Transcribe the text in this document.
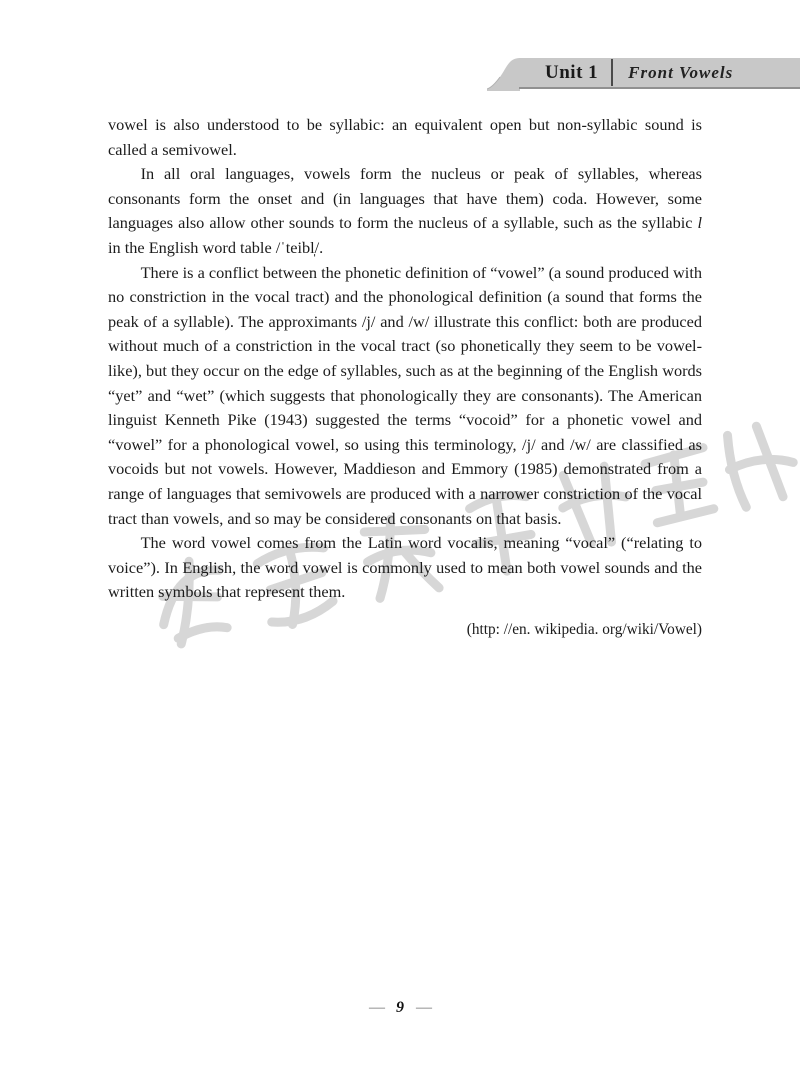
Unit 1 Front Vowels

vowel is also understood to be syllabic: an equivalent open but non-syllabic sound is called a semivowel.

In all oral languages, vowels form the nucleus or peak of syllables, whereas consonants form the onset and (in languages that have them) coda. However, some languages also allow other sounds to form the nucleus of a syllable, such as the syllabic l in the English word table /ˈteibl̩/.

There is a conflict between the phonetic definition of “vowel” (a sound produced with no constriction in the vocal tract) and the phonological definition (a sound that forms the peak of a syllable). The approximants /j/ and /w/ illustrate this conflict: both are produced without much of a constriction in the vocal tract (so phonetically they seem to be vowel-like), but they occur on the edge of syllables, such as at the beginning of the English words “yet” and “wet” (which suggests that phonologically they are consonants). The American linguist Kenneth Pike (1943) suggested the terms “vocoid” for a phonetic vowel and “vowel” for a phonological vowel, so using this terminology, /j/ and /w/ are classified as vocoids but not vowels. However, Maddieson and Emmory (1985) demonstrated from a range of languages that semivowels are produced with a narrower constriction of the vocal tract than vowels, and so may be considered consonants on that basis.

The word vowel comes from the Latin word vocalis, meaning “vocal” (“relating to voice”). In English, the word vowel is commonly used to mean both vowel sounds and the written symbols that represent them.

(http: //en. wikipedia. org/wiki/Vowel)

— 9 —
